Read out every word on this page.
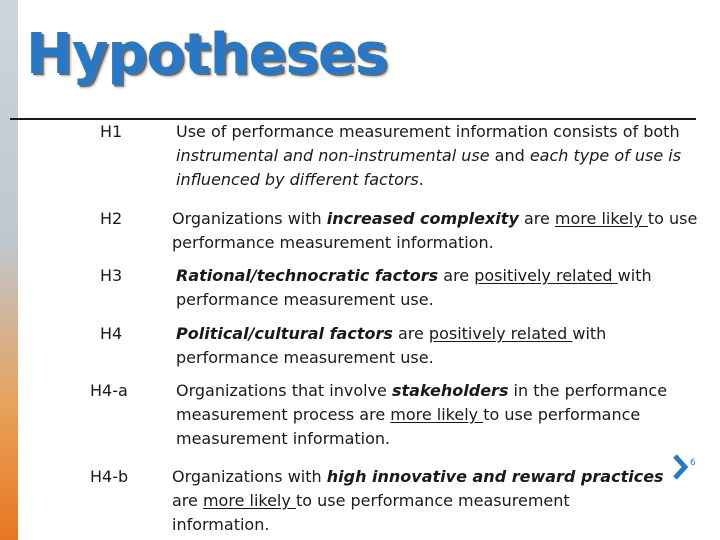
Hypotheses
H1	Use of performance measurement information consists of both instrumental and non-instrumental use and each type of use is influenced by different factors.
H2	Organizations with increased complexity are more likely to use performance measurement information.
H3	Rational/technocratic factors are positively related with performance measurement use.
H4	Political/cultural factors are positively related with performance measurement use.
H4-a	Organizations that involve stakeholders in the performance measurement process are more likely to use performance measurement information.
H4-b	Organizations with high innovative and reward practices are more likely to use performance measurement information.
6
